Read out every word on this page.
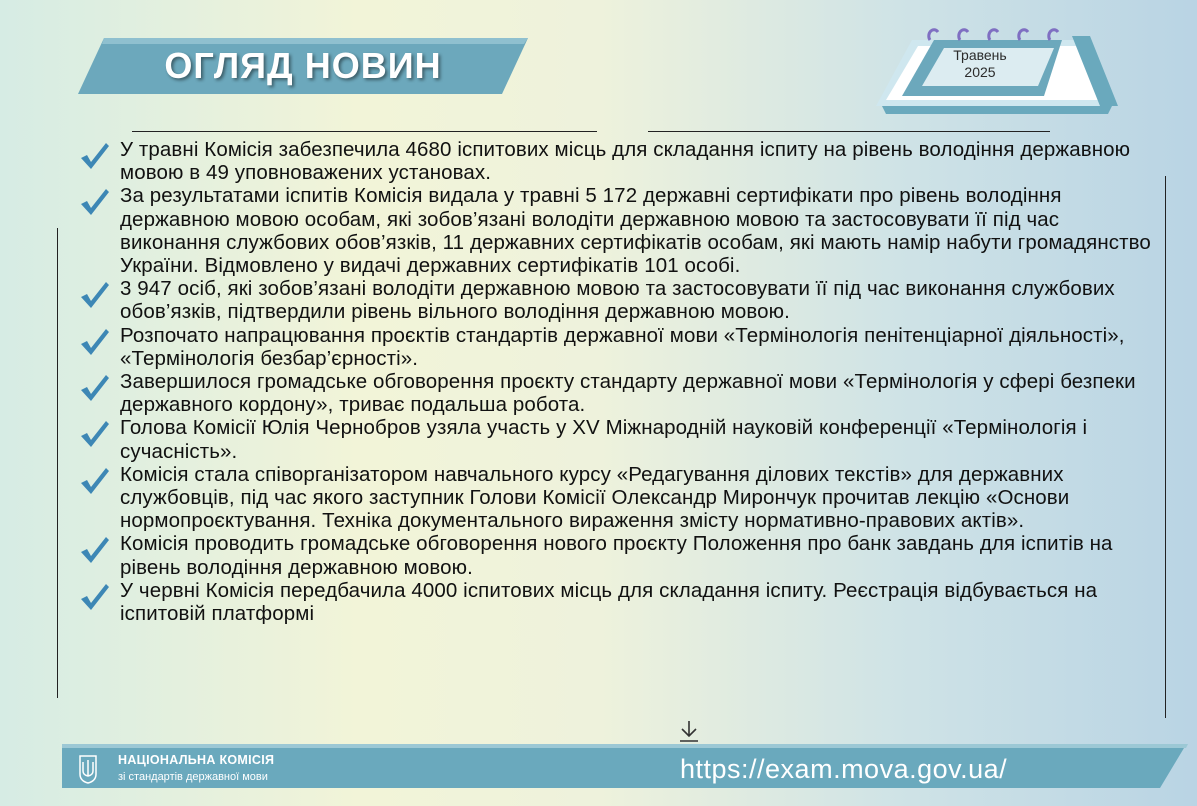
ОГЛЯД НОВИН	Травень
2025
У травні Комісія забезпечила 4680 іспитових місць для складання іспиту на рівень володіння державною мовою в 49 уповноважених установах.
За результатами іспитів Комісія видала у травні 5 172 державні сертифікати про рівень володіння державною мовою особам, які зобов’язані володіти державною мовою та застосовувати її під час виконання службових обов’язків, 11 державних сертифікатів особам, які мають намір набути громадянство України. Відмовлено у видачі державних сертифікатів 101 особі.
3 947 осіб, які зобов’язані володіти державною мовою та застосовувати її під час виконання службових обов’язків, підтвердили рівень вільного володіння державною мовою.
Розпочато напрацювання проєктів стандартів державної мови «Термінологія пенітенціарної діяльності», «Термінологія безбар’єрності».
Завершилося громадське обговорення проєкту стандарту державної мови «Термінологія у сфері безпеки державного кордону», триває подальша робота.
Голова Комісії Юлія Чернобров узяла участь у XV Міжнародній науковій конференції «Термінологія і сучасність».
Комісія стала співорганізатором навчального курсу «Редагування ділових текстів» для державних службовців, під час якого заступник Голови Комісії Олександр Мирончук прочитав лекцію «Основи нормопроєктування. Техніка документального вираження змісту нормативно-правових актів».
Комісія проводить громадське обговорення нового проєкту Положення про банк завдань для іспитів на рівень володіння державною мовою.
У червні Комісія передбачила 4000 іспитових місць для складання іспиту. Реєстрація відбувається на іспитовій платформі
НАЦІОНАЛЬНА КОМІСІЯ
зі стандартів державної мови	https://exam.mova.gov.ua/
